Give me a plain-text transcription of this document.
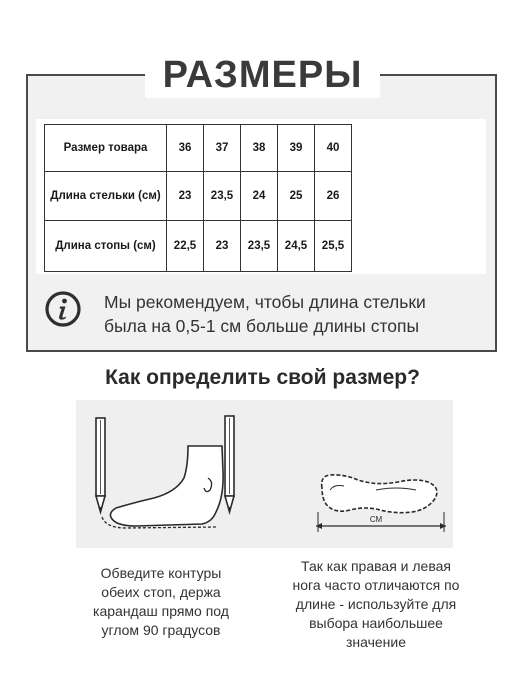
РАЗМЕРЫ
Размер товара	36	37	38	39	40
Длина стельки (см)	23	23,5	24	25	26
Длина стопы (см)	22,5	23	23,5	24,5	25,5
Мы рекомендуем, чтобы длина стельки
была на 0,5-1 см больше длины стопы
Как определить свой размер?
СМ
Обведите контуры
обеих стоп, держа
карандаш прямо под
углом 90 градусов
Так как правая и левая
нога часто отличаются по
длине - используйте для
выбора наибольшее
значение
